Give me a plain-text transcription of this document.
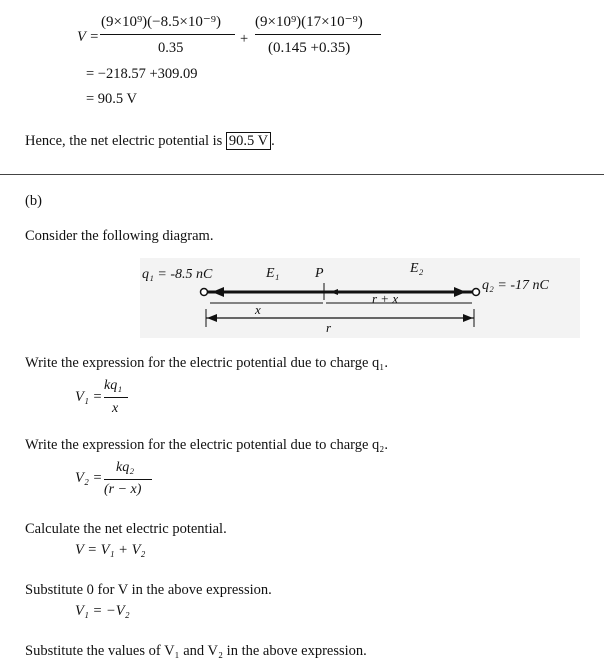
V =
(9×10⁹)(−8.5×10⁻⁹)
0.35
+
(9×10⁹)(17×10⁻⁹)
(0.145 +0.35)
= −218.57 +309.09
= 90.5 V
Hence, the net electric potential is 90.5 V .
(b)
Consider the following diagram.
q₁ = -8.5 nC	E₁	P	E₂
q₂ = -17 nC
x
r + x
r
Write the expression for the electric potential due to charge q₁.
V₁ =
kq₁
x
Write the expression for the electric potential due to charge q₂.
V₂ =
kq₂
(r − x)
Calculate the net electric potential.
V = V₁ + V₂
Substitute 0 for V in the above expression.
V₁ = −V₂
Substitute the values of V₁ and V₂ in the above expression.
